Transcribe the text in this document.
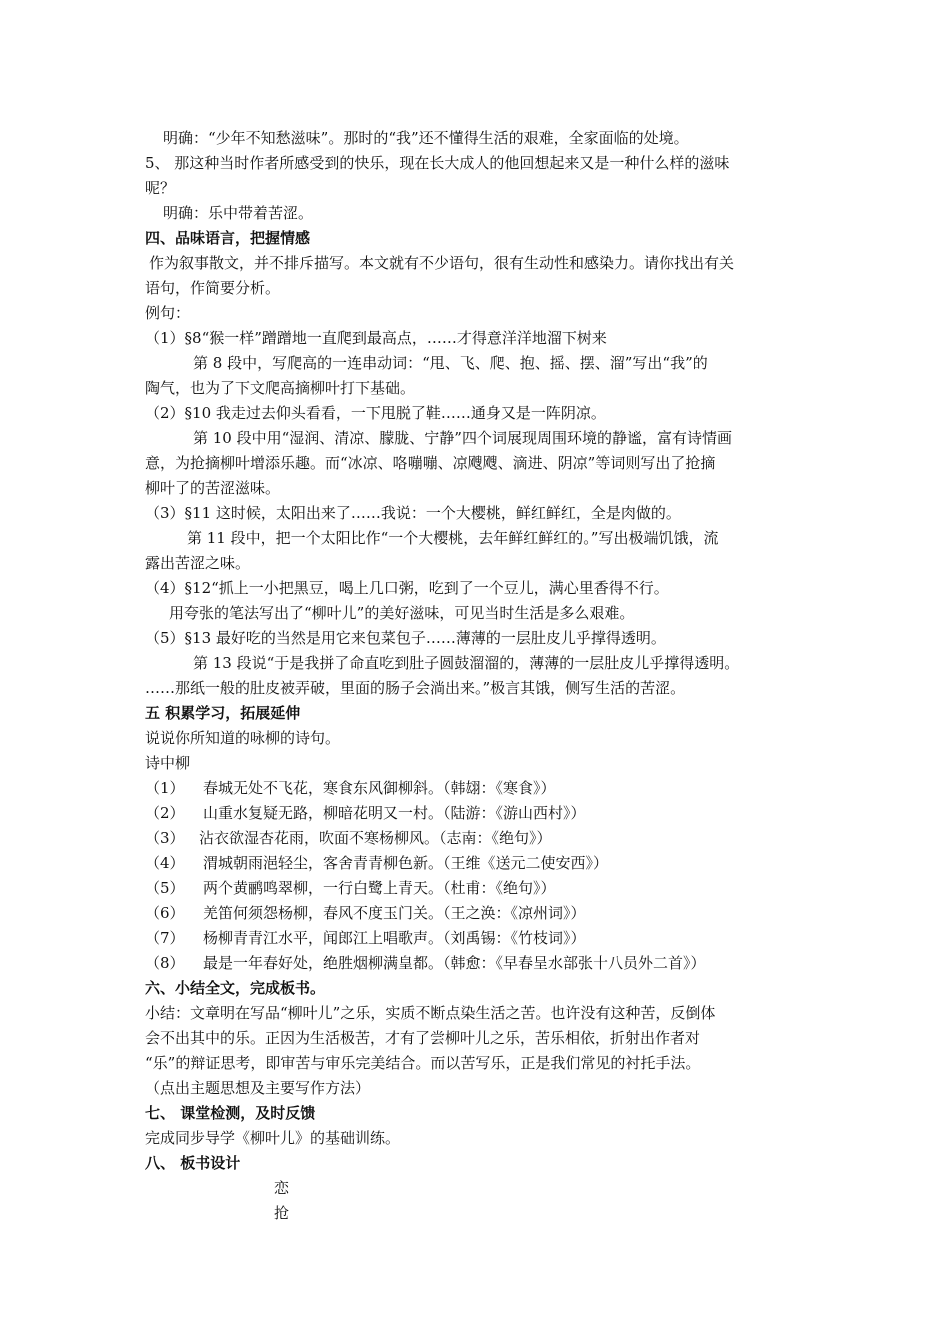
明确：“少年不知愁滋味”。那时的“我”还不懂得生活的艰难，全家面临的处境。
5、 那这种当时作者所感受到的快乐，现在长大成人的他回想起来又是一种什么样的滋味
呢？
明确：乐中带着苦涩。
四、品味语言，把握情感
作为叙事散文，并不排斥描写。本文就有不少语句，很有生动性和感染力。请你找出有关
语句，作简要分析。
例句：
（1）§8“猴一样”蹭蹭地一直爬到最高点，……才得意洋洋地溜下树来
第 8 段中，写爬高的一连串动词：“甩、飞、爬、抱、摇、摆、溜”写出“我”的
陶气，也为了下文爬高摘柳叶打下基础。
（2）§10 我走过去仰头看看，一下甩脱了鞋……通身又是一阵阴凉。
第 10 段中用“湿润、清凉、朦胧、宁静”四个词展现周围环境的静谧，富有诗情画
意，为抢摘柳叶增添乐趣。而“冰凉、咯嘣嘣、凉飕飕、滴进、阴凉”等词则写出了抢摘
柳叶了的苦涩滋味。
（3）§11 这时候，太阳出来了……我说：一个大樱桃，鲜红鲜红，全是肉做的。
第 11 段中，把一个太阳比作“一个大樱桃，去年鲜红鲜红的。”写出极端饥饿，流
露出苦涩之味。
（4）§12“抓上一小把黑豆，喝上几口粥，吃到了一个豆儿，满心里香得不行。
用夸张的笔法写出了“柳叶儿”的美好滋味，可见当时生活是多么艰难。
（5）§13 最好吃的当然是用它来包菜包子……薄薄的一层肚皮儿乎撑得透明。
第 13 段说“于是我拼了命直吃到肚子圆鼓溜溜的，薄薄的一层肚皮儿乎撑得透明。
……那纸一般的肚皮被弄破，里面的肠子会淌出来。”极言其饿，侧写生活的苦涩。
五 积累学习，拓展延伸
说说你所知道的咏柳的诗句。
诗中柳
（1） 春城无处不飞花，寒食东风御柳斜。（韩翃：《寒食》）
（2） 山重水复疑无路，柳暗花明又一村。（陆游：《游山西村》）
（3） 沾衣欲湿杏花雨，吹面不寒杨柳风。（志南：《绝句》）
（4） 渭城朝雨浥轻尘，客舍青青柳色新。（王维《送元二使安西》）
（5） 两个黄鹂鸣翠柳，一行白鹭上青天。（杜甫：《绝句》）
（6） 羌笛何须怨杨柳，春风不度玉门关。（王之涣：《凉州词》）
（7） 杨柳青青江水平，闻郎江上唱歌声。（刘禹锡：《竹枝词》）
（8） 最是一年春好处，绝胜烟柳满皇都。（韩愈：《早春呈水部张十八员外二首》）
六、小结全文，完成板书。
小结：文章明在写品“柳叶儿”之乐，实质不断点染生活之苦。也许没有这种苦，反倒体
会不出其中的乐。正因为生活极苦，才有了尝柳叶儿之乐，苦乐相依，折射出作者对
“乐”的辩证思考，即审苦与审乐完美结合。而以苦写乐，正是我们常见的衬托手法。
（点出主题思想及主要写作方法）
七、 课堂检测，及时反馈
完成同步导学《柳叶儿》的基础训练。
八、 板书设计
恋
抢
